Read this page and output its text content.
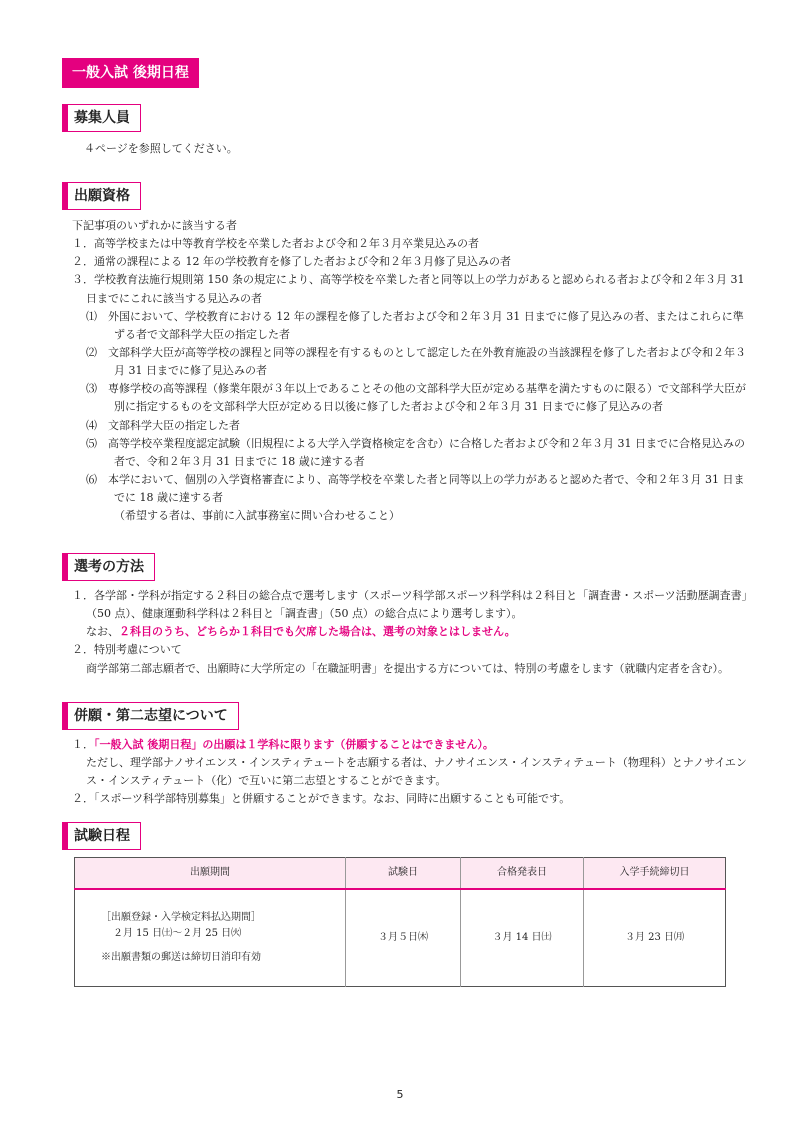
一般入試 後期日程
募集人員

４ページを参照してください。

出願資格

下記事項のいずれかに該当する者

１．高等学校または中等教育学校を卒業した者および令和２年３月卒業見込みの者

２．通常の課程による 12 年の学校教育を修了した者および令和２年３月修了見込みの者

３．学校教育法施行規則第 150 条の規定により、高等学校を卒業した者と同等以上の学力があると認められる者および令和２年３月 31 日までにこれに該当する見込みの者

⑴　外国において、学校教育における 12 年の課程を修了した者および令和２年３月 31 日までに修了見込みの者、またはこれらに準ずる者で文部科学大臣の指定した者

⑵　文部科学大臣が高等学校の課程と同等の課程を有するものとして認定した在外教育施設の当該課程を修了した者および令和２年３月 31 日までに修了見込みの者

⑶　専修学校の高等課程（修業年限が３年以上であることその他の文部科学大臣が定める基準を満たすものに限る）で文部科学大臣が別に指定するものを文部科学大臣が定める日以後に修了した者および令和２年３月 31 日までに修了見込みの者

⑷　文部科学大臣の指定した者

⑸　高等学校卒業程度認定試験（旧規程による大学入学資格検定を含む）に合格した者および令和２年３月 31 日までに合格見込みの者で、令和２年３月 31 日までに 18 歳に達する者

⑹　本学において、個別の入学資格審査により、高等学校を卒業した者と同等以上の学力があると認めた者で、令和２年３月 31 日までに 18 歳に達する者

（希望する者は、事前に入試事務室に問い合わせること）

選考の方法

１．各学部・学科が指定する２科目の総合点で選考します（スポーツ科学部スポーツ科学科は２科目と「調査書・スポーツ活動歴調査書」（50 点）、健康運動科学科は２科目と「調査書」（50 点）の総合点により選考します）。

なお、２科目のうち、どちらか１科目でも欠席した場合は、選考の対象とはしません。

２．特別考慮について

商学部第二部志願者で、出願時に大学所定の「在職証明書」を提出する方については、特別の考慮をします（就職内定者を含む）。

併願・第二志望について

１．「一般入試 後期日程」の出願は１学科に限ります（併願することはできません）。

ただし、理学部ナノサイエンス・インスティテュートを志願する者は、ナノサイエンス・インスティテュート（物理科）とナノサイエンス・インスティテュート（化）で互いに第二志望とすることができます。

２．「スポーツ科学部特別募集」と併願することができます。なお、同時に出願することも可能です。

試験日程
出願期間	試験日	合格発表日	入学手続締切日

［出願登録・入学検定料払込期間］
２月 15 日㈯～２月 25 日㈫
※出願書類の郵送は締切日消印有効	３月５日㈭	３月 14 日㈯	３月 23 日㈪
5
